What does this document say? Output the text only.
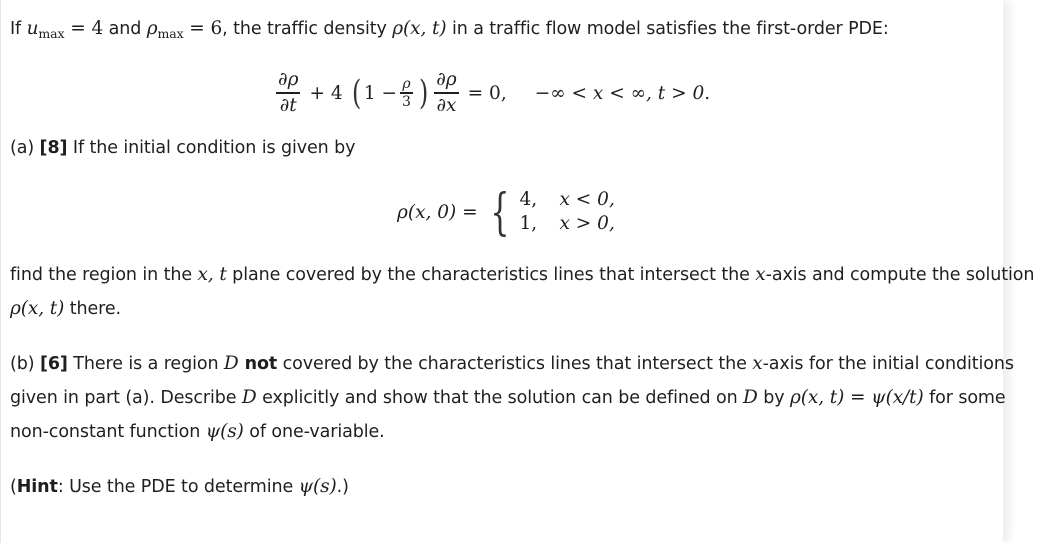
If $u_{max} = 4$ and $\rho_{max} = 6$, the traffic density ρ(x, t) in a traffic flow model satisfies the first-order PDE:
$\frac{\partial\rho}{\partial t} + 4$ ( $1 - \frac{\rho}{3}$ ) $\frac{\partial\rho}{\partial x} = 0$, −∞ < x < ∞, t > 0.
(a) [8] If the initial condition is given by
ρ(x, 0) = { 4,	x < 0,
1,	x > 0,
find the region in the x, t plane covered by the characteristics lines that intersect the x-axis and compute the solution
ρ(x, t) there.
(b) [6] There is a region D not covered by the characteristics lines that intersect the x-axis for the initial conditions
given in part (a). Describe D explicitly and show that the solution can be defined on D by ρ(x, t) = ψ(x/t) for some
non-constant function ψ(s) of one-variable.
(Hint: Use the PDE to determine ψ(s).)
